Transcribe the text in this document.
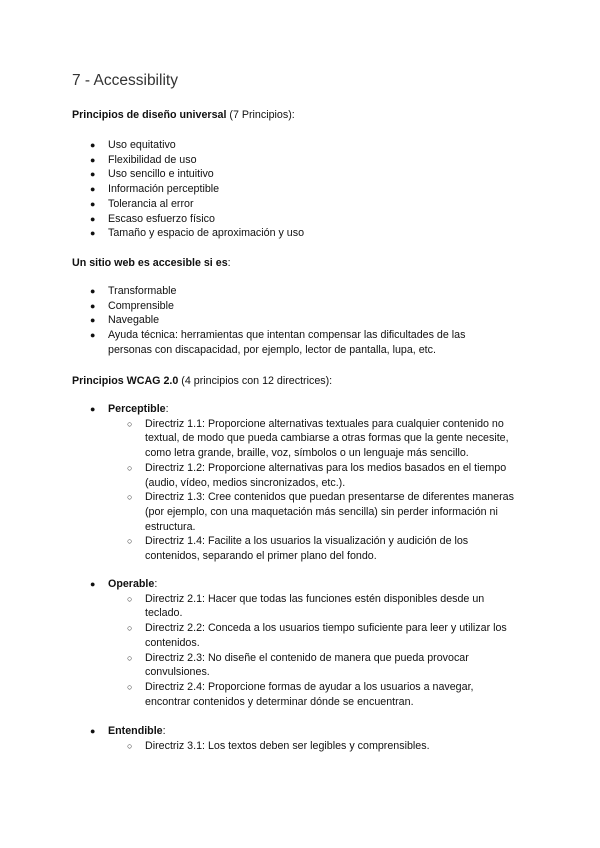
7 - Accessibility

Principios de diseño universal (7 Principios):

●	Uso equitativo
●	Flexibilidad de uso
●	Uso sencillo e intuitivo
●	Información perceptible
●	Tolerancia al error
●	Escaso esfuerzo físico
●	Tamaño y espacio de aproximación y uso

Un sitio web es accesible si es:

●	Transformable
●	Comprensible
●	Navegable
●	Ayuda técnica: herramientas que intentan compensar las dificultades de las personas con discapacidad, por ejemplo, lector de pantalla, lupa, etc.

Principios WCAG 2.0 (4 principios con 12 directrices):

● Perceptible:
○ Directriz 1.1: Proporcione alternativas textuales para cualquier contenido no textual, de modo que pueda cambiarse a otras formas que la gente necesite, como letra grande, braille, voz, símbolos o un lenguaje más sencillo.
○ Directriz 1.2: Proporcione alternativas para los medios basados en el tiempo (audio, vídeo, medios sincronizados, etc.).
○ Directriz 1.3: Cree contenidos que puedan presentarse de diferentes maneras (por ejemplo, con una maquetación más sencilla) sin perder información ni estructura.
○ Directriz 1.4: Facilite a los usuarios la visualización y audición de los contenidos, separando el primer plano del fondo.
● Operable:
○ Directriz 2.1: Hacer que todas las funciones estén disponibles desde un teclado.
○ Directriz 2.2: Conceda a los usuarios tiempo suficiente para leer y utilizar los contenidos.
○ Directriz 2.3: No diseñe el contenido de manera que pueda provocar convulsiones.
○ Directriz 2.4: Proporcione formas de ayudar a los usuarios a navegar, encontrar contenidos y determinar dónde se encuentran.
● Entendible:
○ Directriz 3.1: Los textos deben ser legibles y comprensibles.
